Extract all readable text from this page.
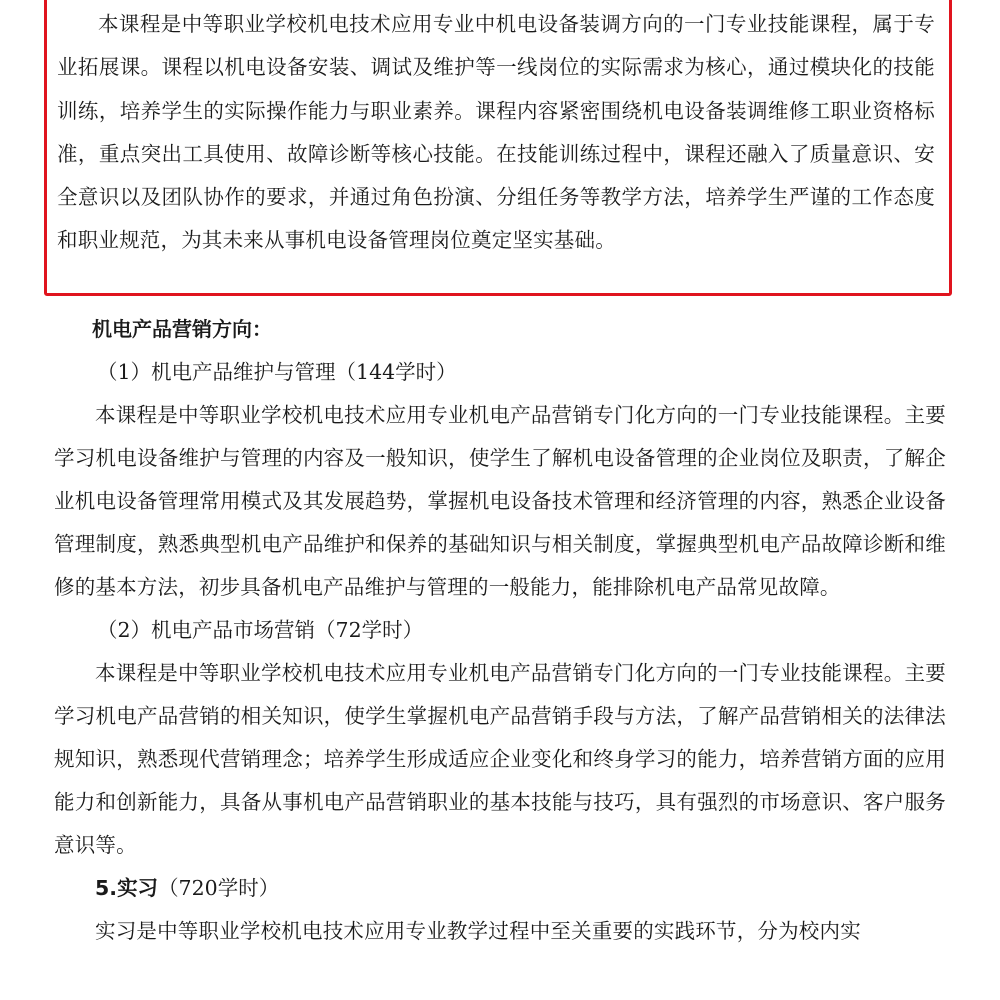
本课程是中等职业学校机电技术应用专业中机电设备装调方向的一门专业技能课程，属于专业拓展课。课程以机电设备安装、调试及维护等一线岗位的实际需求为核心，通过模块化的技能训练，培养学生的实际操作能力与职业素养。课程内容紧密围绕机电设备装调维修工职业资格标准，重点突出工具使用、故障诊断等核心技能。在技能训练过程中，课程还融入了质量意识、安全意识以及团队协作的要求，并通过角色扮演、分组任务等教学方法，培养学生严谨的工作态度和职业规范，为其未来从事机电设备管理岗位奠定坚实基础。

机电产品营销方向：

（1）机电产品维护与管理（144学时）

本课程是中等职业学校机电技术应用专业机电产品营销专门化方向的一门专业技能课程。主要学习机电设备维护与管理的内容及一般知识，使学生了解机电设备管理的企业岗位及职责，了解企业机电设备管理常用模式及其发展趋势，掌握机电设备技术管理和经济管理的内容，熟悉企业设备管理制度，熟悉典型机电产品维护和保养的基础知识与相关制度，掌握典型机电产品故障诊断和维修的基本方法，初步具备机电产品维护与管理的一般能力，能排除机电产品常见故障。

（2）机电产品市场营销（72学时）

本课程是中等职业学校机电技术应用专业机电产品营销专门化方向的一门专业技能课程。主要学习机电产品营销的相关知识，使学生掌握机电产品营销手段与方法，了解产品营销相关的法律法规知识，熟悉现代营销理念；培养学生形成适应企业变化和终身学习的能力，培养营销方面的应用能力和创新能力，具备从事机电产品营销职业的基本技能与技巧，具有强烈的市场意识、客户服务意识等。

5.实习（720学时）

实习是中等职业学校机电技术应用专业教学过程中至关重要的实践环节，分为校内实
